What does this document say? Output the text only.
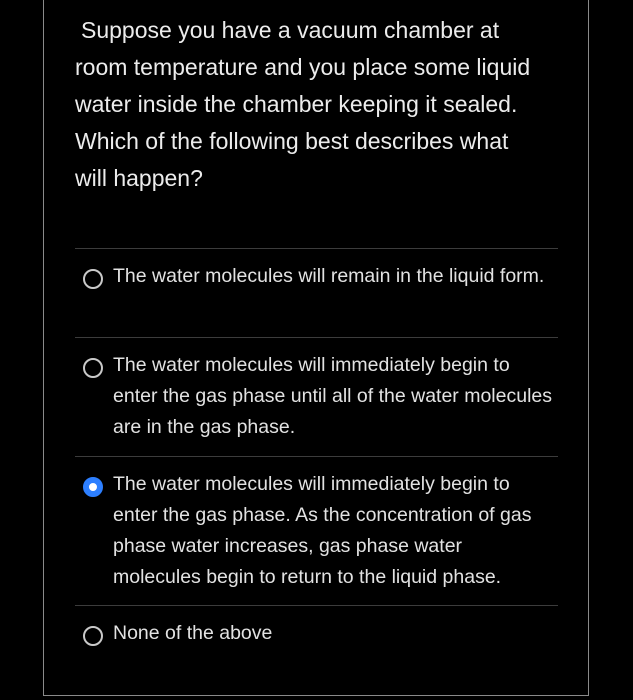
Suppose you have a vacuum chamber at
room temperature and you place some liquid
water inside the chamber keeping it sealed.
Which of the following best describes what
will happen?
The water molecules will remain in the liquid form.
The water molecules will immediately begin to enter the gas phase until all of the water molecules are in the gas phase.
The water molecules will immediately begin to enter the gas phase. As the concentration of gas phase water increases, gas phase water molecules begin to return to the liquid phase.
None of the above
